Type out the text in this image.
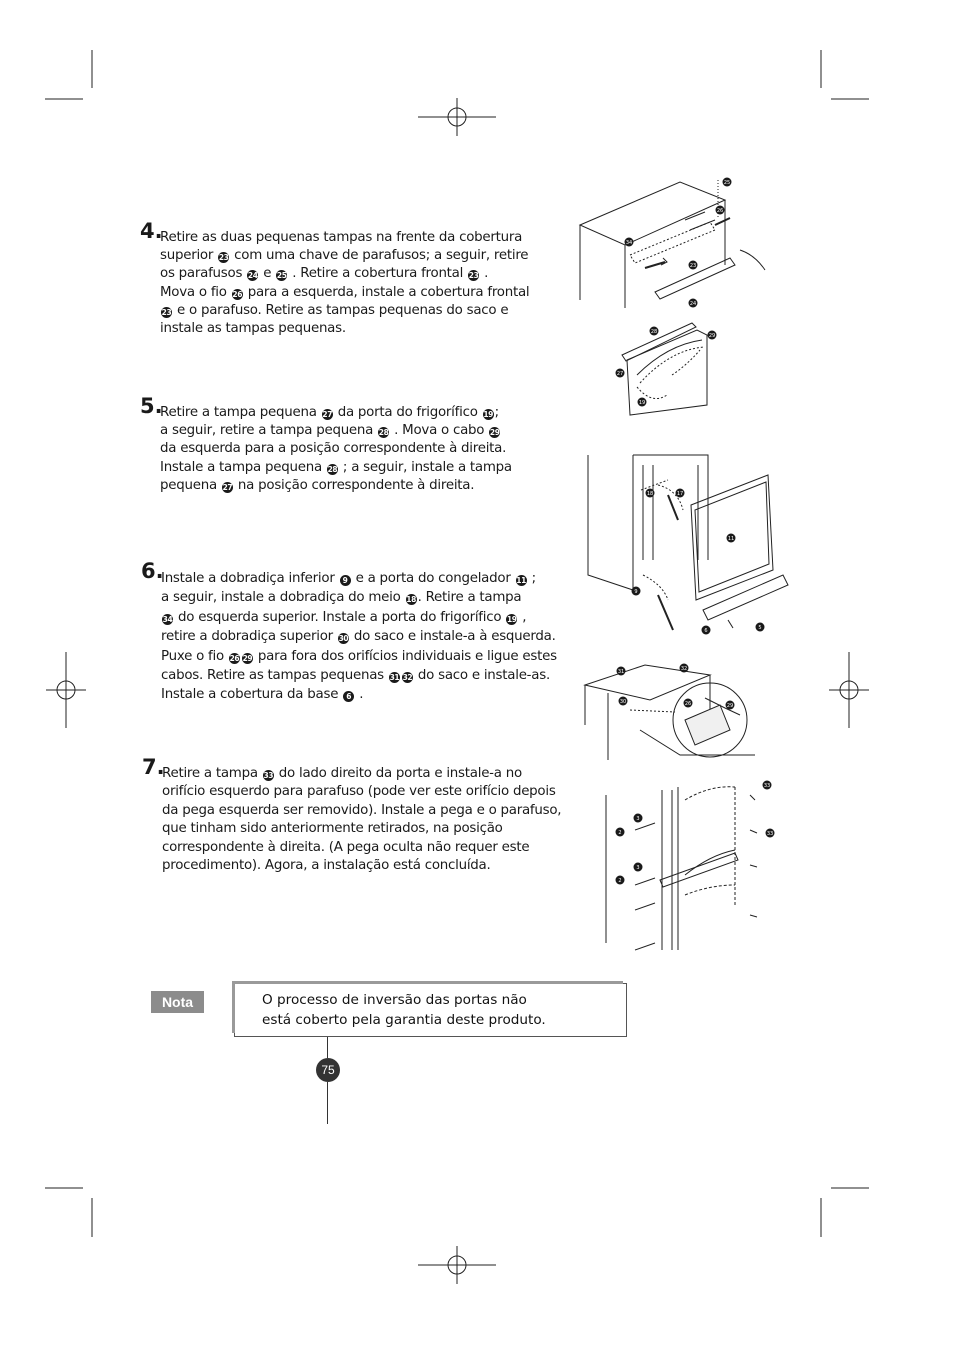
4.

Retire as duas pequenas tampas na frente da cobertura

superior 23 com uma chave de parafusos; a seguir, retire

os parafusos 24 e 25 . Retire a cobertura frontal 23 .

Mova o fio 26 para a esquerda, instale a cobertura frontal

23 e o parafuso. Retire as tampas pequenas do saco e

instale as tampas pequenas.

5.

Retire a tampa pequena 27 da porta do frigorífico 19 ;

a seguir, retire a tampa pequena 28 . Mova o cabo 29

da esquerda para a posição correspondente à direita.

Instale a tampa pequena 28 ; a seguir, instale a tampa

pequena 27 na posição correspondente à direita.

6.

Instale a dobradiça inferior 9 e a porta do congelador 11 ;

a seguir, instale a dobradiça do meio 18 . Retire a tampa

34 do esquerda superior. Instale a porta do frigorífico 19 ,

retire a dobradiça superior 30 do saco e instale-a à esquerda.

Puxe o fio 26 29 para fora dos orifícios individuais e ligue estes

cabos. Retire as tampas pequenas 31 32 do saco e instale-as.

Instale a cobertura da base 6 .

7.

Retire a tampa 33 do lado direito da porta e instale-a no

orifício esquerdo para parafuso (pode ver este orifício depois

da pega esquerda ser removido). Instale a pega e o parafuso,

que tinham sido anteriormente retirados, na posição

correspondente à direita. (A pega oculta não requer este

procedimento). Agora, a instalação está concluída.

25
26
34
23
24
28
29
27
19
18	17
11
9
6	5
31	32
30	26	29
33
33
3
2
3
2
Nota	O processo de inversão das portas não

está coberto pela garantia deste produto.

75
